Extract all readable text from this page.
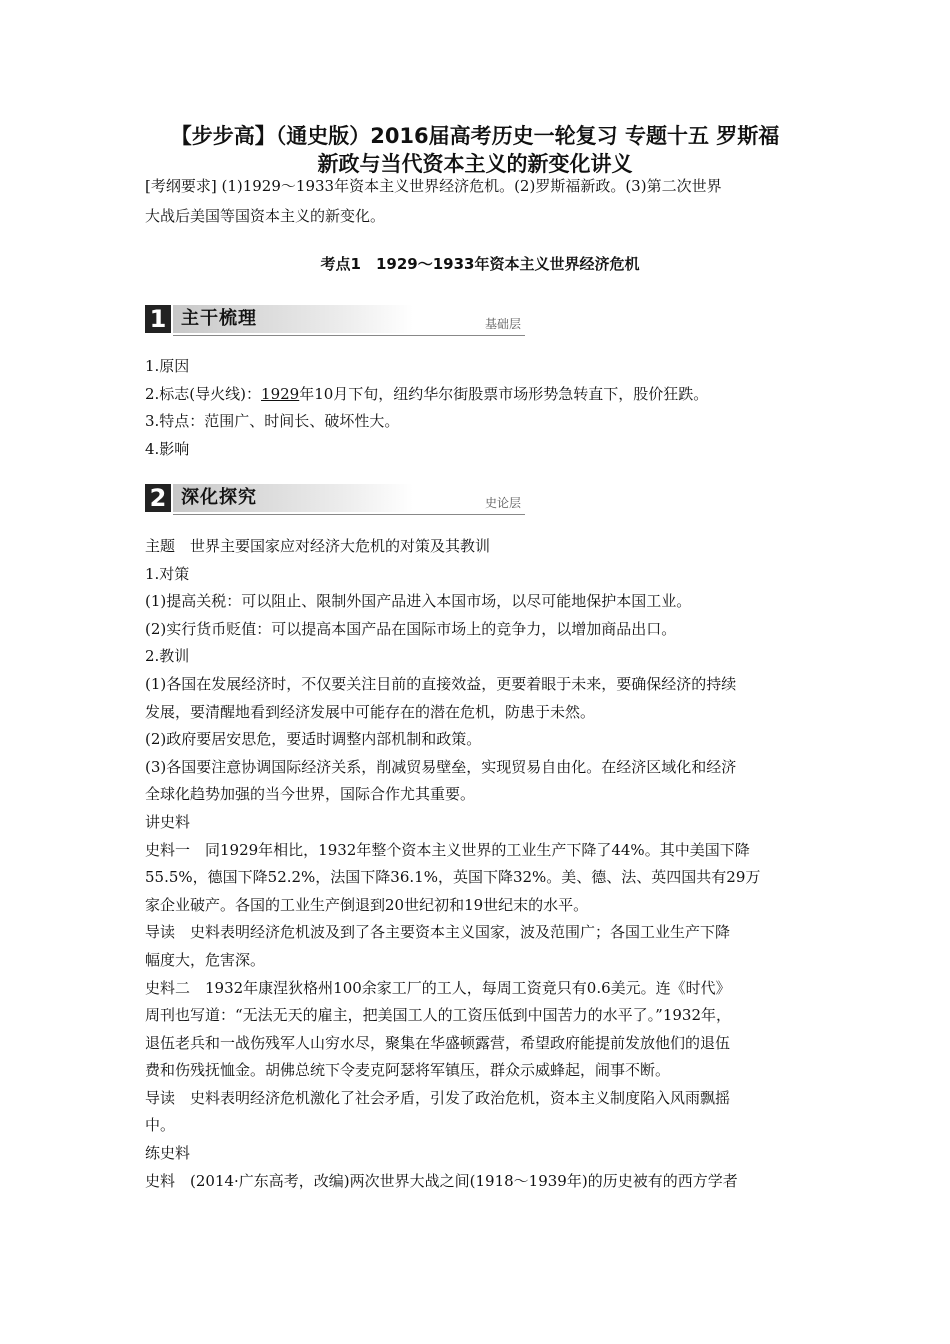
【步步高】（通史版）2016届高考历史一轮复习 专题十五 罗斯福
新政与当代资本主义的新变化讲义
[考纲要求] (1)1929～1933年资本主义世界经济危机。(2)罗斯福新政。(3)第二次世界
大战后美国等国资本主义的新变化。
考点1　1929～1933年资本主义世界经济危机
1 主干梳理	基础层

1.原因

2.标志(导火线)：1929年10月下旬，纽约华尔街股票市场形势急转直下，股价狂跌。

3.特点：范围广、时间长、破坏性大。

4.影响

2 深化探究	史论层

主题　世界主要国家应对经济大危机的对策及其教训

1.对策

(1)提高关税：可以阻止、限制外国产品进入本国市场，以尽可能地保护本国工业。

(2)实行货币贬值：可以提高本国产品在国际市场上的竞争力，以增加商品出口。

2.教训

(1)各国在发展经济时，不仅要关注目前的直接效益，更要着眼于未来，要确保经济的持续

发展，要清醒地看到经济发展中可能存在的潜在危机，防患于未然。

(2)政府要居安思危，要适时调整内部机制和政策。

(3)各国要注意协调国际经济关系，削减贸易壁垒，实现贸易自由化。在经济区域化和经济

全球化趋势加强的当今世界，国际合作尤其重要。

讲史料

史料一　同1929年相比，1932年整个资本主义世界的工业生产下降了44%。其中美国下降

55.5%，德国下降52.2%，法国下降36.1%，英国下降32%。美、德、法、英四国共有29万

家企业破产。各国的工业生产倒退到20世纪初和19世纪末的水平。

导读　史料表明经济危机波及到了各主要资本主义国家，波及范围广；各国工业生产下降

幅度大，危害深。

史料二　1932年康涅狄格州100余家工厂的工人，每周工资竟只有0.6美元。连《时代》

周刊也写道：“无法无天的雇主，把美国工人的工资压低到中国苦力的水平了。”1932年，

退伍老兵和一战伤残军人山穷水尽，聚集在华盛顿露营，希望政府能提前发放他们的退伍

费和伤残抚恤金。胡佛总统下令麦克阿瑟将军镇压，群众示威蜂起，闹事不断。

导读　史料表明经济危机激化了社会矛盾，引发了政治危机，资本主义制度陷入风雨飘摇

中。

练史料

史料　(2014·广东高考，改编)两次世界大战之间(1918～1939年)的历史被有的西方学者
